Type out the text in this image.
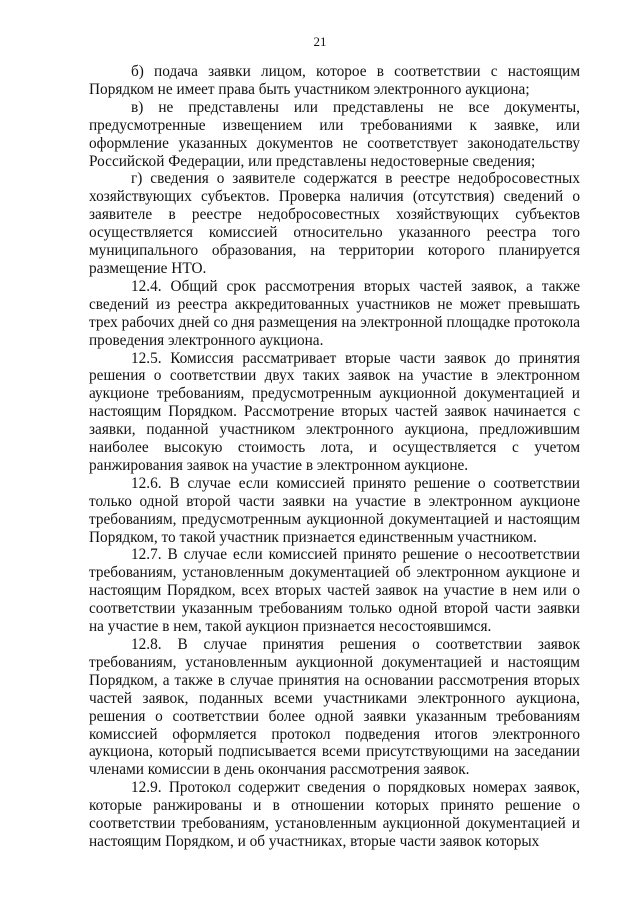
21

б) подача заявки лицом, которое в соответствии с настоящим Порядком не имеет права быть участником электронного аукциона;

в) не представлены или представлены не все документы, предусмотренные извещением или требованиями к заявке, или оформление указанных документов не соответствует законодательству Российской Федерации, или представлены недостоверные сведения;

г) сведения о заявителе содержатся в реестре недобросовестных хозяйствующих субъектов. Проверка наличия (отсутствия) сведений о заявителе в реестре недобросовестных хозяйствующих субъектов осуществляется комиссией относительно указанного реестра того муниципального образования, на территории которого планируется размещение НТО.

12.4. Общий срок рассмотрения вторых частей заявок, а также сведений из реестра аккредитованных участников не может превышать трех рабочих дней со дня размещения на электронной площадке протокола проведения электронного аукциона.

12.5. Комиссия рассматривает вторые части заявок до принятия решения о соответствии двух таких заявок на участие в электронном аукционе требованиям, предусмотренным аукционной документацией и настоящим Порядком. Рассмотрение вторых частей заявок начинается с заявки, поданной участником электронного аукциона, предложившим наиболее высокую стоимость лота, и осуществляется с учетом ранжирования заявок на участие в электронном аукционе.

12.6. В случае если комиссией принято решение о соответствии только одной второй части заявки на участие в электронном аукционе требованиям, предусмотренным аукционной документацией и настоящим Порядком, то такой участник признается единственным участником.

12.7. В случае если комиссией принято решение о несоответствии требованиям, установленным документацией об электронном аукционе и настоящим Порядком, всех вторых частей заявок на участие в нем или о соответствии указанным требованиям только одной второй части заявки на участие в нем, такой аукцион признается несостоявшимся.

12.8. В случае принятия решения о соответствии заявок требованиям, установленным аукционной документацией и настоящим Порядком, а также в случае принятия на основании рассмотрения вторых частей заявок, поданных всеми участниками электронного аукциона, решения о соответствии более одной заявки указанным требованиям комиссией оформляется протокол подведения итогов электронного аукциона, который подписывается всеми присутствующими на заседании членами комиссии в день окончания рассмотрения заявок.

12.9. Протокол содержит сведения о порядковых номерах заявок, которые ранжированы и в отношении которых принято решение о соответствии требованиям, установленным аукционной документацией и настоящим Порядком, и об участниках, вторые части заявок которых
